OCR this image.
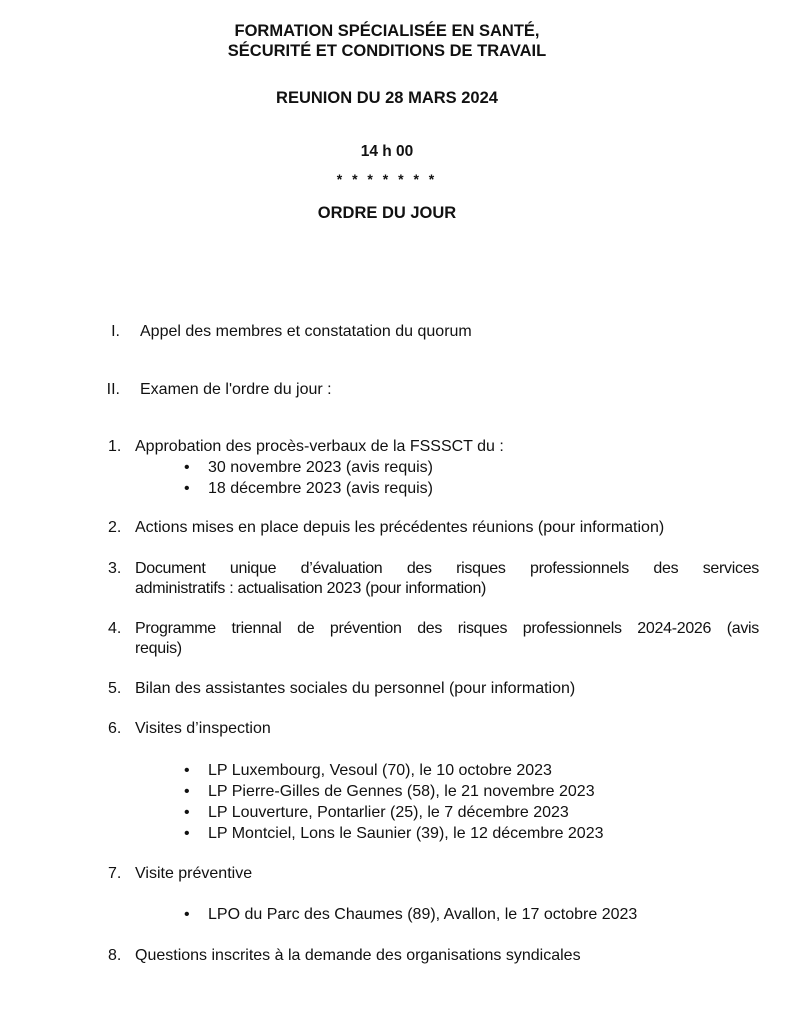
FORMATION SPÉCIALISÉE EN SANTÉ,
SÉCURITÉ ET CONDITIONS DE TRAVAIL
REUNION DU 28 MARS 2024
14 h 00
* * * * * * *
ORDRE DU JOUR
I. Appel des membres et constatation du quorum
II. Examen de l'ordre du jour :
1. Approbation des procès-verbaux de la FSSSCT du :
• 30 novembre 2023 (avis requis)
• 18 décembre 2023 (avis requis)
2. Actions mises en place depuis les précédentes réunions (pour information)
3. Document unique d’évaluation des risques professionnels des services
administratifs : actualisation 2023 (pour information)
4. Programme triennal de prévention des risques professionnels 2024-2026 (avis
requis)
5. Bilan des assistantes sociales du personnel (pour information)
6. Visites d’inspection
• LP Luxembourg, Vesoul (70), le 10 octobre 2023
• LP Pierre-Gilles de Gennes (58), le 21 novembre 2023
• LP Louverture, Pontarlier (25), le 7 décembre 2023
• LP Montciel, Lons le Saunier (39), le 12 décembre 2023
7. Visite préventive
• LPO du Parc des Chaumes (89), Avallon, le 17 octobre 2023
8. Questions inscrites à la demande des organisations syndicales
